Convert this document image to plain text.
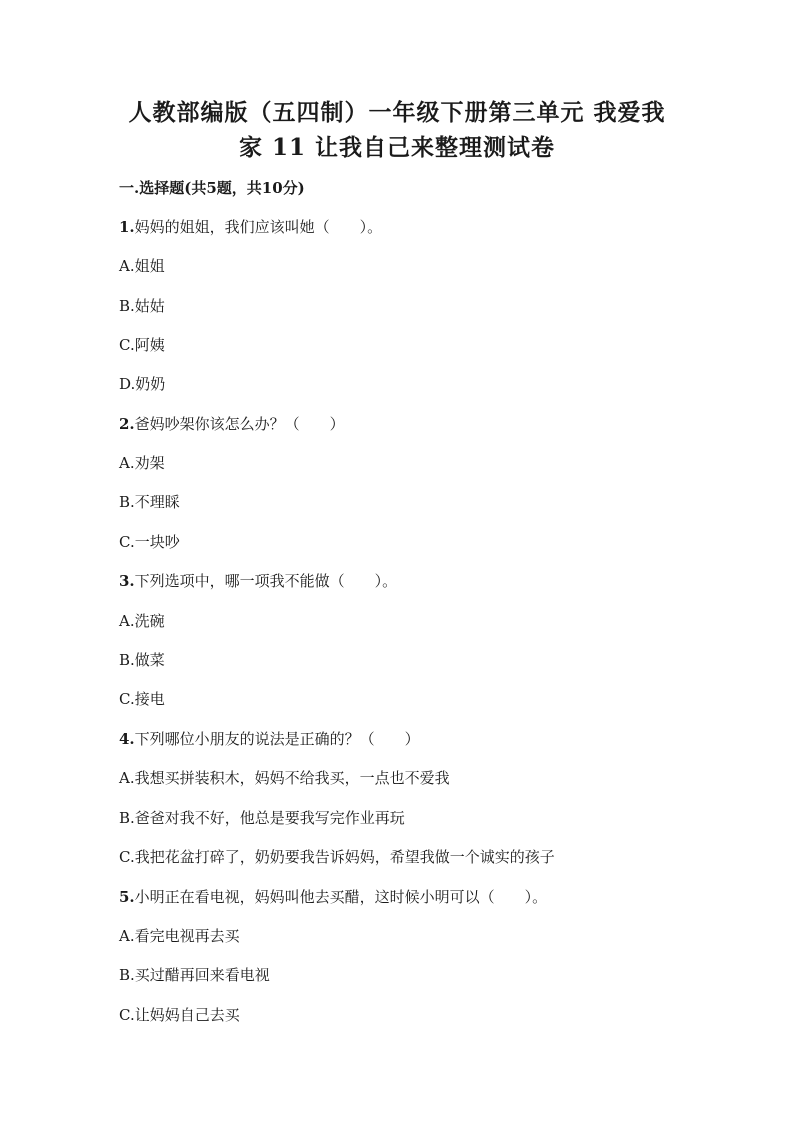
人教部编版（五四制）一年级下册第三单元 我爱我
家 11 让我自己来整理测试卷
一.选择题(共5题，共10分)
1.妈妈的姐姐，我们应该叫她（　　）。
A.姐姐
B.姑姑
C.阿姨
D.奶奶
2.爸妈吵架你该怎么办？（　　）
A.劝架
B.不理睬
C.一块吵
3.下列选项中，哪一项我不能做（　　）。
A.洗碗
B.做菜
C.接电
4.下列哪位小朋友的说法是正确的？（　　）
A.我想买拼装积木，妈妈不给我买，一点也不爱我
B.爸爸对我不好，他总是要我写完作业再玩
C.我把花盆打碎了，奶奶要我告诉妈妈，希望我做一个诚实的孩子
5.小明正在看电视，妈妈叫他去买醋，这时候小明可以（　　）。
A.看完电视再去买
B.买过醋再回来看电视
C.让妈妈自己去买
